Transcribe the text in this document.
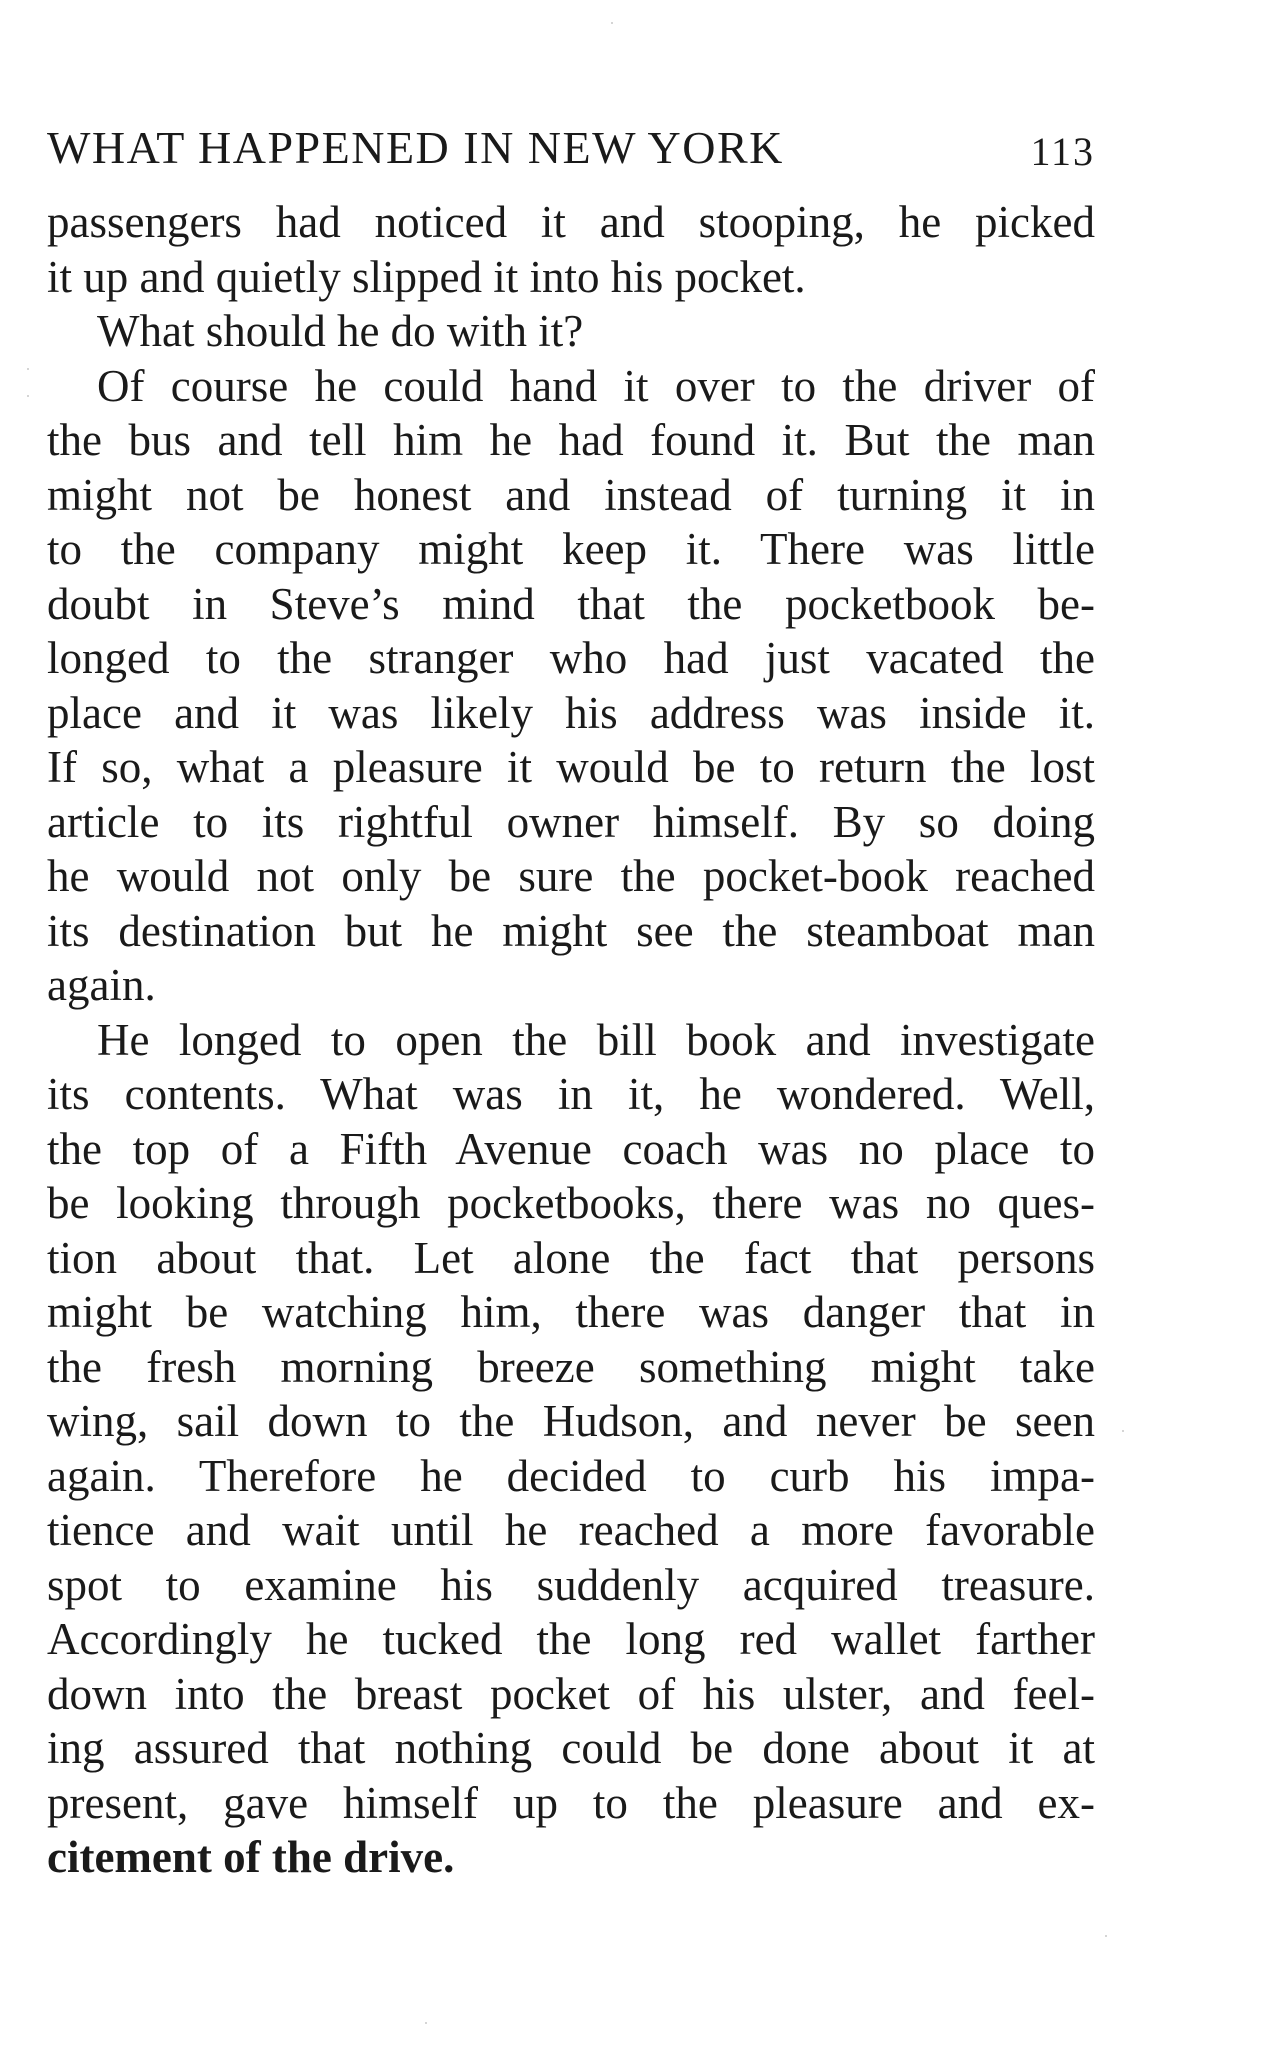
WHAT HAPPENED IN NEW YORK	113
passengers had noticed it and stooping, he picked
it up and quietly slipped it into his pocket.
What should he do with it?
Of course he could hand it over to the driver of
the bus and tell him he had found it. But the man
might not be honest and instead of turning it in
to the company might keep it. There was little
doubt in Steve’s mind that the pocketbook be-
longed to the stranger who had just vacated the
place and it was likely his address was inside it.
If so, what a pleasure it would be to return the lost
article to its rightful owner himself. By so doing
he would not only be sure the pocket-book reached
its destination but he might see the steamboat man
again.
He longed to open the bill book and investigate
its contents. What was in it, he wondered. Well,
the top of a Fifth Avenue coach was no place to
be looking through pocketbooks, there was no ques-
tion about that. Let alone the fact that persons
might be watching him, there was danger that in
the fresh morning breeze something might take
wing, sail down to the Hudson, and never be seen
again. Therefore he decided to curb his impa-
tience and wait until he reached a more favorable
spot to examine his suddenly acquired treasure.
Accordingly he tucked the long red wallet farther
down into the breast pocket of his ulster, and feel-
ing assured that nothing could be done about it at
present, gave himself up to the pleasure and ex-
citement of the drive.
